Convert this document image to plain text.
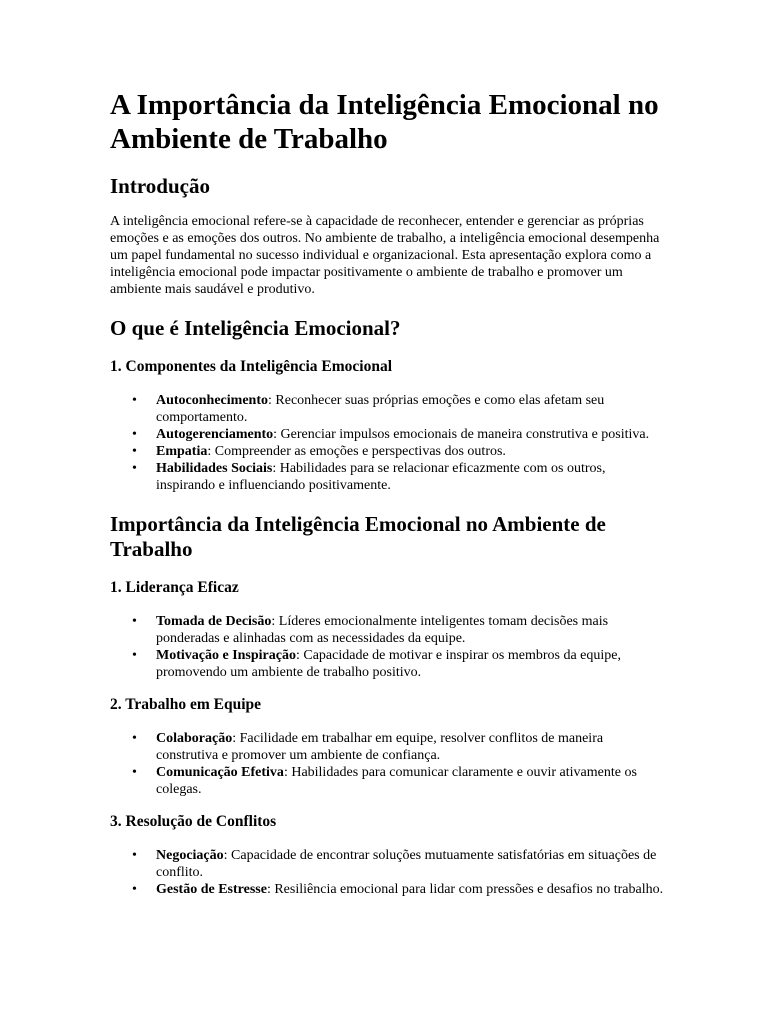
A Importância da Inteligência Emocional no Ambiente de Trabalho
Introdução

A inteligência emocional refere-se à capacidade de reconhecer, entender e gerenciar as próprias emoções e as emoções dos outros. No ambiente de trabalho, a inteligência emocional desempenha um papel fundamental no sucesso individual e organizacional. Esta apresentação explora como a inteligência emocional pode impactar positivamente o ambiente de trabalho e promover um ambiente mais saudável e produtivo.

O que é Inteligência Emocional?
1. Componentes da Inteligência Emocional
• Autoconhecimento: Reconhecer suas próprias emoções e como elas afetam seu comportamento.
• Autogerenciamento: Gerenciar impulsos emocionais de maneira construtiva e positiva.
• Empatia: Compreender as emoções e perspectivas dos outros.
• Habilidades Sociais: Habilidades para se relacionar eficazmente com os outros, inspirando e influenciando positivamente.
Importância da Inteligência Emocional no Ambiente de Trabalho
1. Liderança Eficaz
• Tomada de Decisão: Líderes emocionalmente inteligentes tomam decisões mais ponderadas e alinhadas com as necessidades da equipe.
• Motivação e Inspiração: Capacidade de motivar e inspirar os membros da equipe, promovendo um ambiente de trabalho positivo.
2. Trabalho em Equipe
• Colaboração: Facilidade em trabalhar em equipe, resolver conflitos de maneira construtiva e promover um ambiente de confiança.
• Comunicação Efetiva: Habilidades para comunicar claramente e ouvir ativamente os colegas.
3. Resolução de Conflitos
• Negociação: Capacidade de encontrar soluções mutuamente satisfatórias em situações de conflito.
• Gestão de Estresse: Resiliência emocional para lidar com pressões e desafios no trabalho.
